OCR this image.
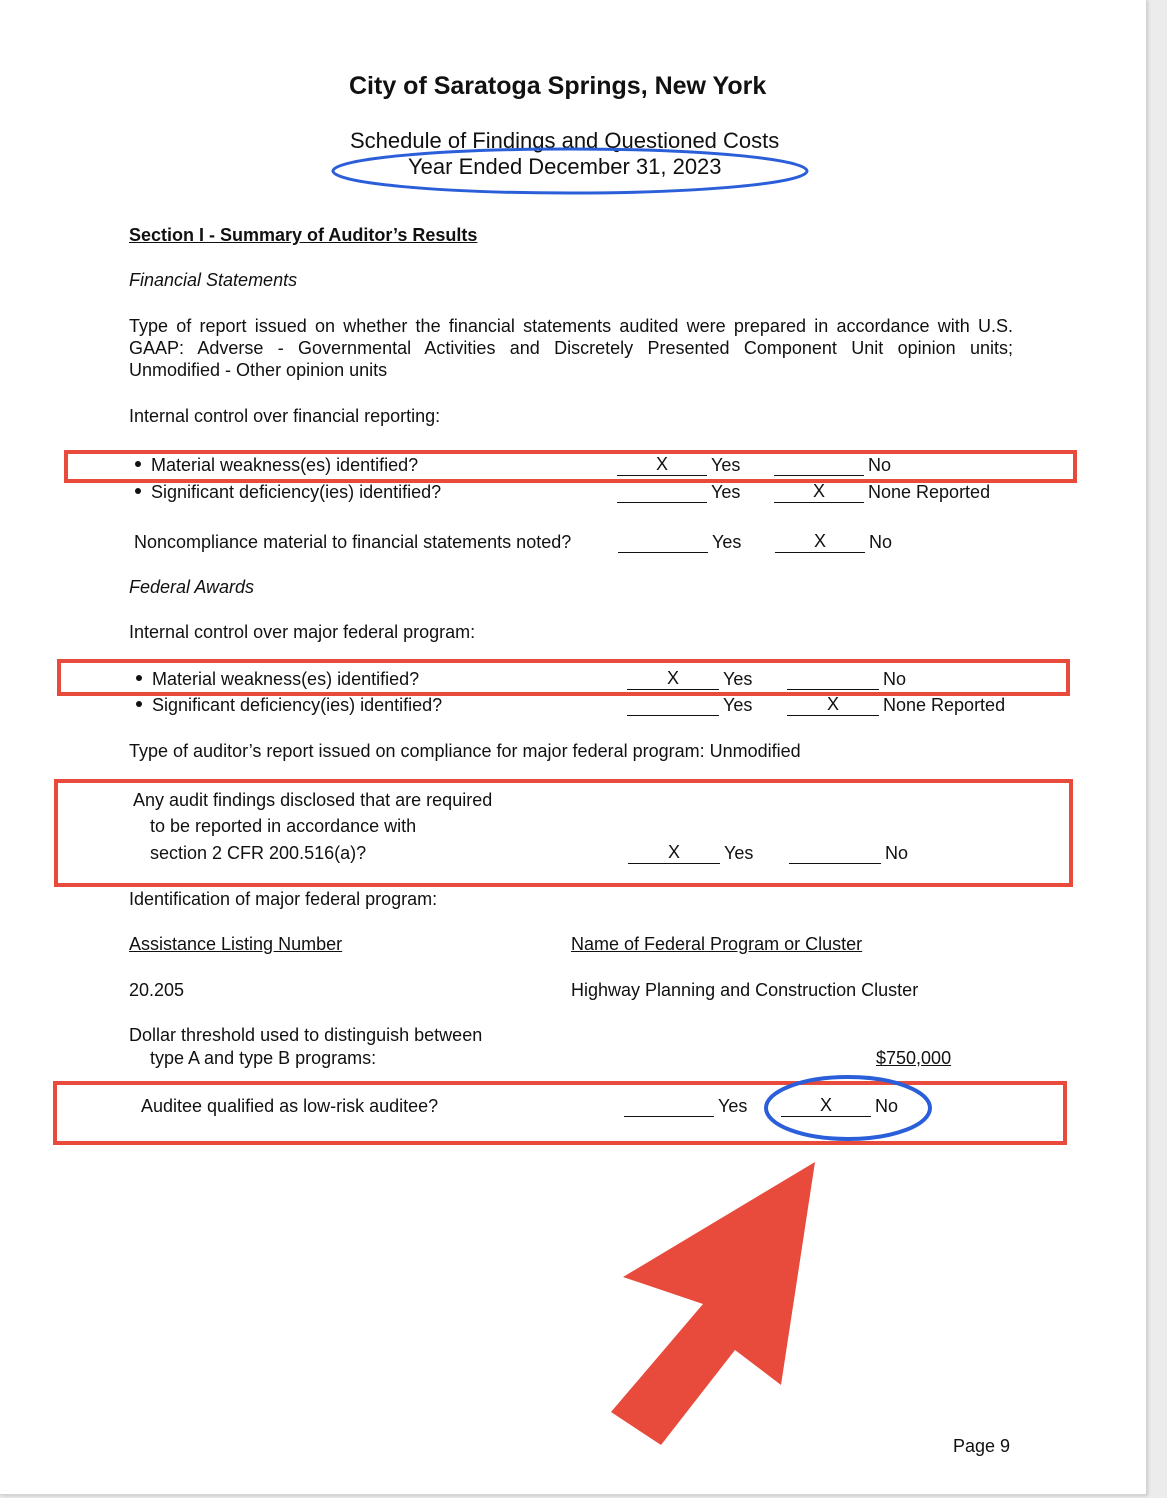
City of Saratoga Springs, New York
Schedule of Findings and Questioned Costs
Year Ended December 31, 2023
Section I - Summary of Auditor’s Results
Financial Statements
Type of report issued on whether the financial statements audited were prepared in accordance with U.S.
GAAP: Adverse - Governmental Activities and Discretely Presented Component Unit opinion units;
Unmodified - Other opinion units
Internal control over financial reporting:
Material weakness(es) identified?	X	Yes	No
Significant deficiency(ies) identified?	Yes	X	None Reported
Noncompliance material to financial statements noted?	Yes	X	No
Federal Awards
Internal control over major federal program:
Material weakness(es) identified?	X	Yes	No
Significant deficiency(ies) identified?	Yes	X	None Reported
Type of auditor’s report issued on compliance for major federal program: Unmodified
Any audit findings disclosed that are required
to be reported in accordance with
section 2 CFR 200.516(a)?	X	Yes	No
Identification of major federal program:
Assistance Listing Number	Name of Federal Program or Cluster
20.205	Highway Planning and Construction Cluster
Dollar threshold used to distinguish between
type A and type B programs:	$750,000
Auditee qualified as low-risk auditee?	Yes	X	No
Page 9
